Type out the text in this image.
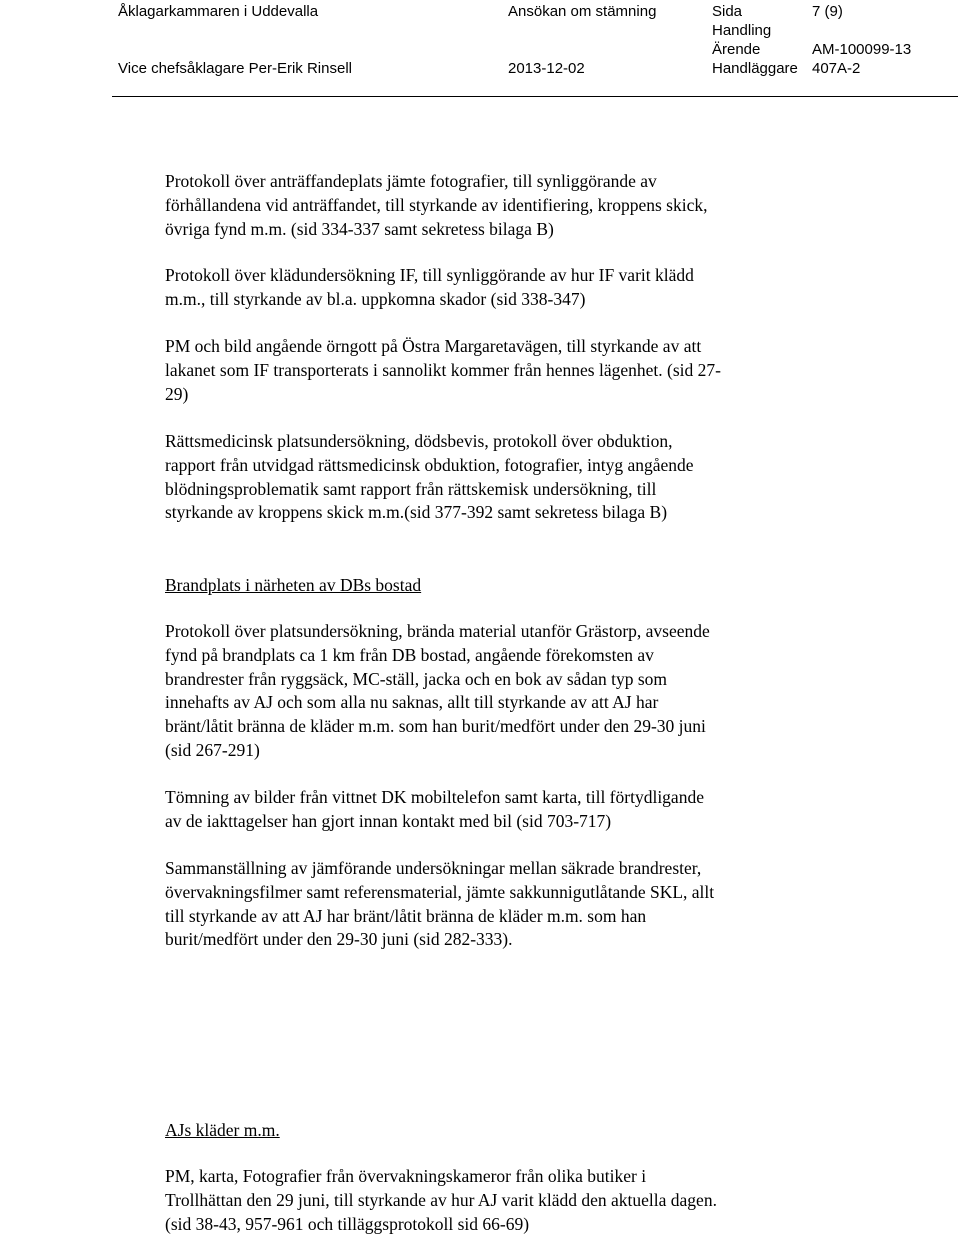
Åklagarkammaren i Uddevalla	Ansökan om stämning	Sida	7 (9)
Handling
Ärende	AM-100099-13
Vice chefsåklagare Per-Erik Rinsell	2013-12-02	Handläggare 407A-2
Protokoll över anträffandeplats jämte fotografier, till synliggörande av
förhållandena vid anträffandet, till styrkande av identifiering, kroppens skick,
övriga fynd m.m. (sid 334-337 samt sekretess bilaga B)
Protokoll över klädundersökning IF, till synliggörande av hur IF varit klädd
m.m., till styrkande av bl.a. uppkomna skador (sid 338-347)
PM och bild angående örngott på Östra Margaretavägen, till styrkande av att
lakanet som IF transporterats i sannolikt kommer från hennes lägenhet. (sid 27-
29)
Rättsmedicinsk platsundersökning, dödsbevis, protokoll över obduktion,
rapport från utvidgad rättsmedicinsk obduktion, fotografier, intyg angående
blödningsproblematik samt rapport från rättskemisk undersökning, till
styrkande av kroppens skick m.m.(sid 377-392 samt sekretess bilaga B)
Brandplats i närheten av DBs bostad
Protokoll över platsundersökning, brända material utanför Grästorp, avseende
fynd på brandplats ca 1 km från DB bostad, angående förekomsten av
brandrester från ryggsäck, MC-ställ, jacka och en bok av sådan typ som
innehafts av AJ och som alla nu saknas, allt till styrkande av att AJ har
bränt/låtit bränna de kläder m.m. som han burit/medfört under den 29-30 juni
(sid 267-291)
Tömning av bilder från vittnet DK mobiltelefon samt karta, till förtydligande
av de iakttagelser han gjort innan kontakt med bil (sid 703-717)
Sammanställning av jämförande undersökningar mellan säkrade brandrester,
övervakningsfilmer samt referensmaterial, jämte sakkunnigutlåtande SKL, allt
till styrkande av att AJ har bränt/låtit bränna de kläder m.m. som han
burit/medfört under den 29-30 juni (sid 282-333).
AJs kläder m.m.
PM, karta, Fotografier från övervakningskameror från olika butiker i
Trollhättan den 29 juni, till styrkande av hur AJ varit klädd den aktuella dagen.
(sid 38-43, 957-961 och tilläggsprotokoll sid 66-69)
